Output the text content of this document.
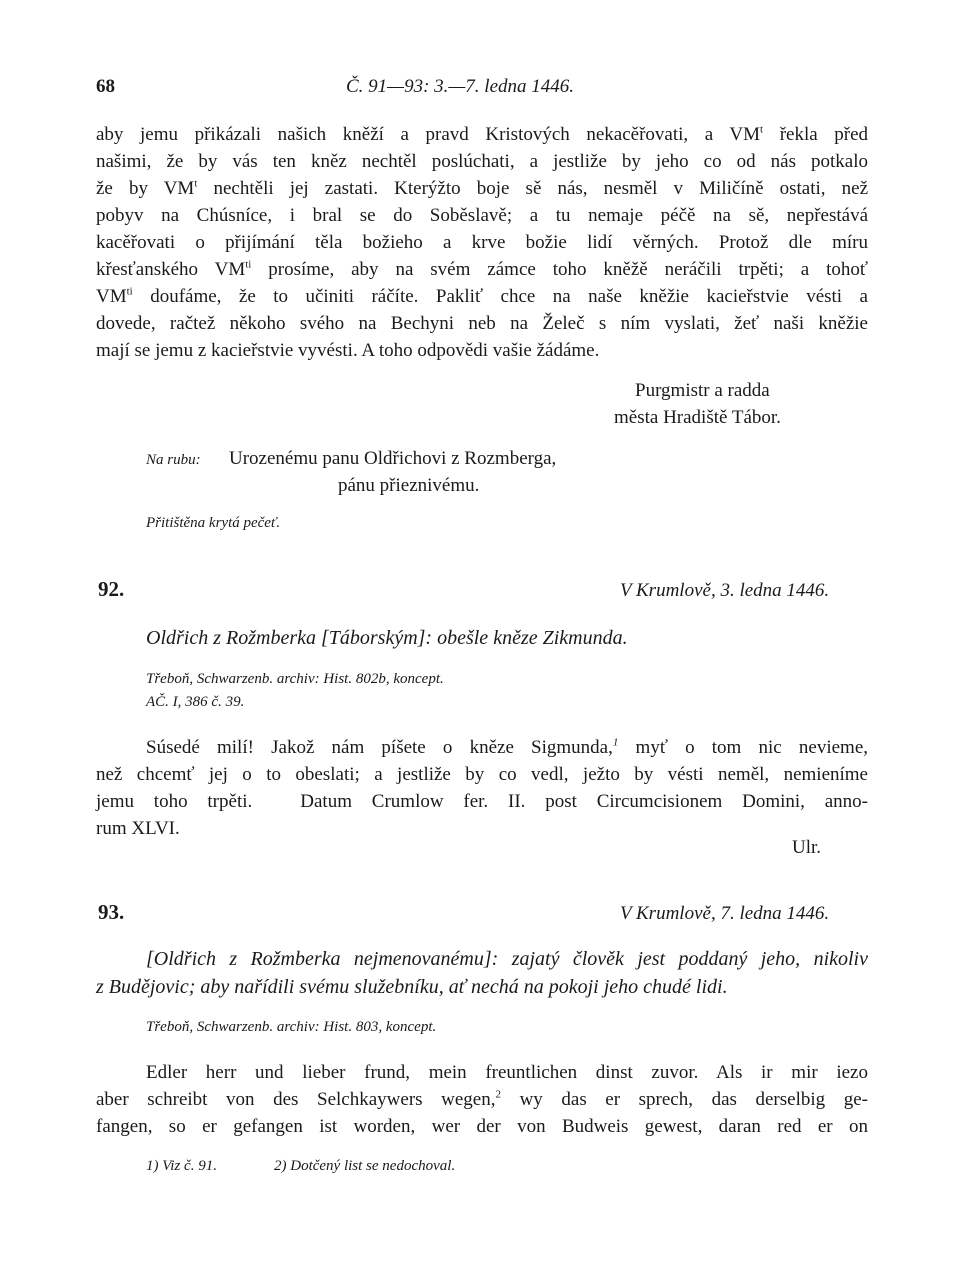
68	Č. 91—93: 3.—7. ledna 1446.
aby jemu přikázali našich kněží a pravd Kristových nekacěřovati, a $VM^t$ řekla před
našimi, že by vás ten kněz nechtěl poslúchati, a jestliže by jeho co od nás potkalo
že by $VM^t$ nechtěli jej zastati. Kterýžto boje sě nás, nesměl v Miličíně ostati, než
pobyv na Chúsníce, i bral se do Soběslavě; a tu nemaje péčě na sě, nepřestává
kacěřovati o přijímání těla božieho a krve božie lidí věrných. Protož dle míru
křesťanského $VM^{ti}$ prosíme, aby na svém zámce toho kněžě neráčili trpěti; a tohoť
$VM^{ti}$ doufáme, že to učiniti ráčíte. Pakliť chce na naše kněžie kacieřstvie vésti a
dovede, račtež někoho svého na Bechyni neb na Želeč s ním vyslati, žeť naši kněžie
mají se jemu z kacieřstvie vyvésti. A toho odpovědi vašie žádáme.
Purgmistr a radda
města Hradiště Tábor.
Na rubu: Urozenému panu Oldřichovi z Rozmberga,
pánu přieznivému.
Přitištěna krytá pečeť.
92.	V Krumlově, 3. ledna 1446.
Oldřich z Rožmberka [Táborským]: obešle kněze Zikmunda.
Třeboň, Schwarzenb. archiv: Hist. 802b, koncept.
AČ. I, 386 č. 39.
Súsedé milí! Jakož nám píšete o kněze Sigmunda,$^1$ myť o tom nic nevieme,
než chcemť jej o to obeslati; a jestliže by co vedl, ježto by vésti neměl, nemieníme
jemu toho trpěti.	Datum Crumlow fer. II. post Circumcisionem Domini, anno-
rum XLVI.
Ulr.
93.	V Krumlově, 7. ledna 1446.
[Oldřich z Rožmberka nejmenovanému]: zajatý člověk jest poddaný jeho, nikoliv
z Budějovic; aby nařídili svému služebníku, ať nechá na pokoji jeho chudé lidi.
Třeboň, Schwarzenb. archiv: Hist. 803, koncept.
Edler herr und lieber frund, mein freuntlichen dinst zuvor. Als ir mir iezo
aber schreibt von des Selchkaywers wegen,$^2$ wy das er sprech, das derselbig ge-
fangen, so er gefangen ist worden, wer der von Budweis gewest, daran red er on
1) Viz č. 91.	2) Dotčený list se nedochoval.
